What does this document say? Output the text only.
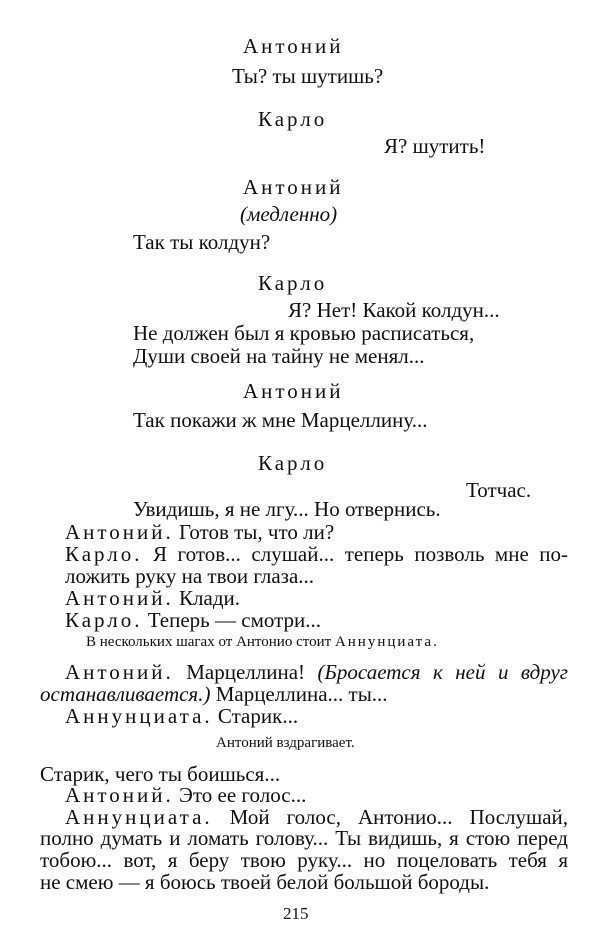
Антоний
Ты? ты шутишь?
Карло
Я? шутить!
Антоний
(медленно)
Так ты колдун?
Карло
Я? Нет! Какой колдун...
Не должен был я кровью расписаться,
Души своей на тайну не менял...
Антоний
Так покажи ж мне Марцеллину...
Карло
Тотчас.
Увидишь, я не лгу... Но отвернись.
Антоний. Готов ты, что ли?
Карло. Я готов... слушай... теперь позволь мне по-
ложить руку на твои глаза...
Антоний. Клади.
Карло. Теперь — смотри...
В нескольких шагах от Антонио стоит Аннунциата.
Антоний. Марцеллина! (Бросается к ней и вдруг
останавливается.) Марцеллина... ты...
Аннунциата. Старик...
Антоний вздрагивает.
Старик, чего ты боишься...
Антоний. Это ее голос...
Аннунциата. Мой голос, Антонио... Послушай,
полно думать и ломать голову... Ты видишь, я стою перед
тобою... вот, я беру твою руку... но поцеловать тебя я
не смею — я боюсь твоей белой большой бороды.
215
